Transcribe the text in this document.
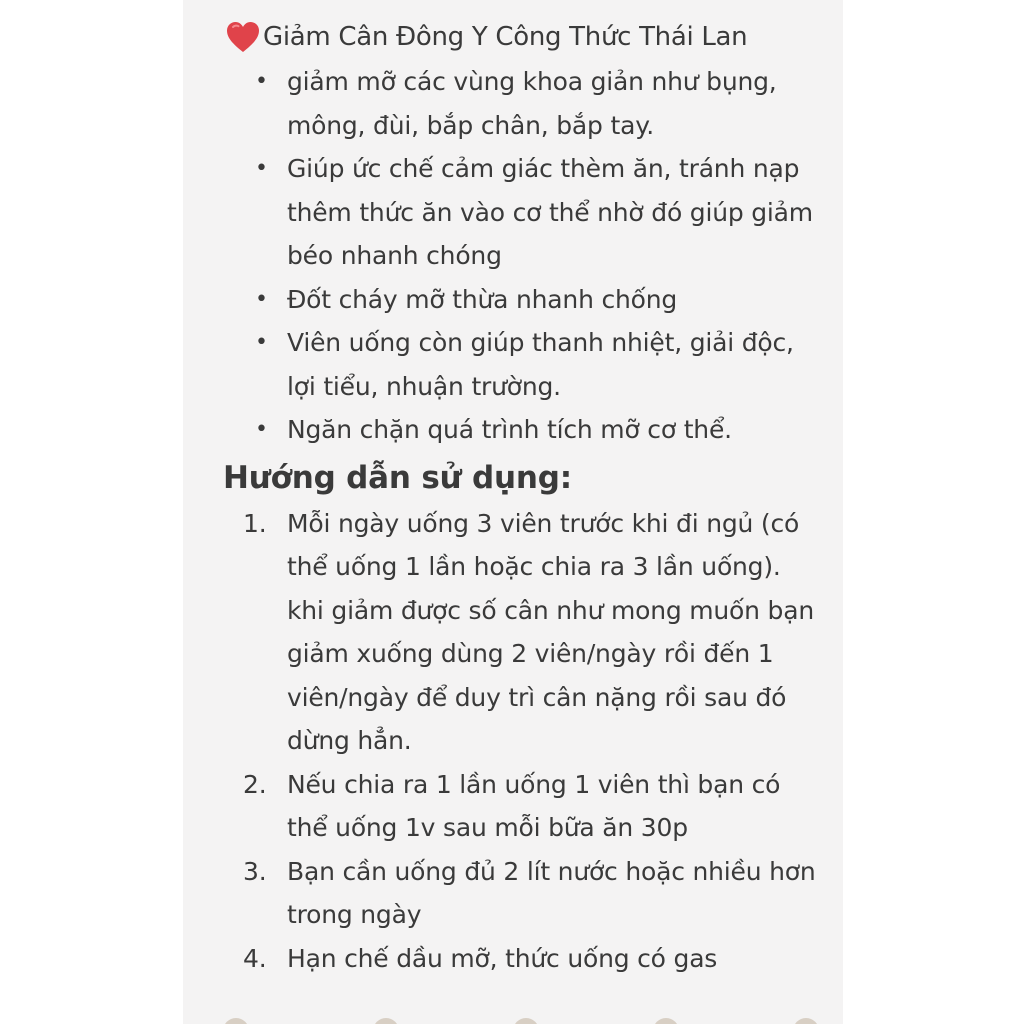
Giảm Cân Đông Y Công Thức Thái Lan
• giảm mỡ các vùng khoa giản như bụng, mông, đùi, bắp chân, bắp tay.
• Giúp ức chế cảm giác thèm ăn, tránh nạp thêm thức ăn vào cơ thể nhờ đó giúp giảm béo nhanh chóng
• Đốt cháy mỡ thừa nhanh chống
• Viên uống còn giúp thanh nhiệt, giải độc, lợi tiểu, nhuận trường.
• Ngăn chặn quá trình tích mỡ cơ thể.
Hướng dẫn sử dụng:
1. Mỗi ngày uống 3 viên trước khi đi ngủ (có thể uống 1 lần hoặc chia ra 3 lần uống). khi giảm được số cân như mong muốn bạn giảm xuống dùng 2 viên/ngày rồi đến 1 viên/ngày để duy trì cân nặng rồi sau đó dừng hẳn.
2. Nếu chia ra 1 lần uống 1 viên thì bạn có thể uống 1v sau mỗi bữa ăn 30p
3. Bạn cần uống đủ 2 lít nước hoặc nhiều hơn trong ngày
4. Hạn chế dầu mỡ, thức uống có gas
